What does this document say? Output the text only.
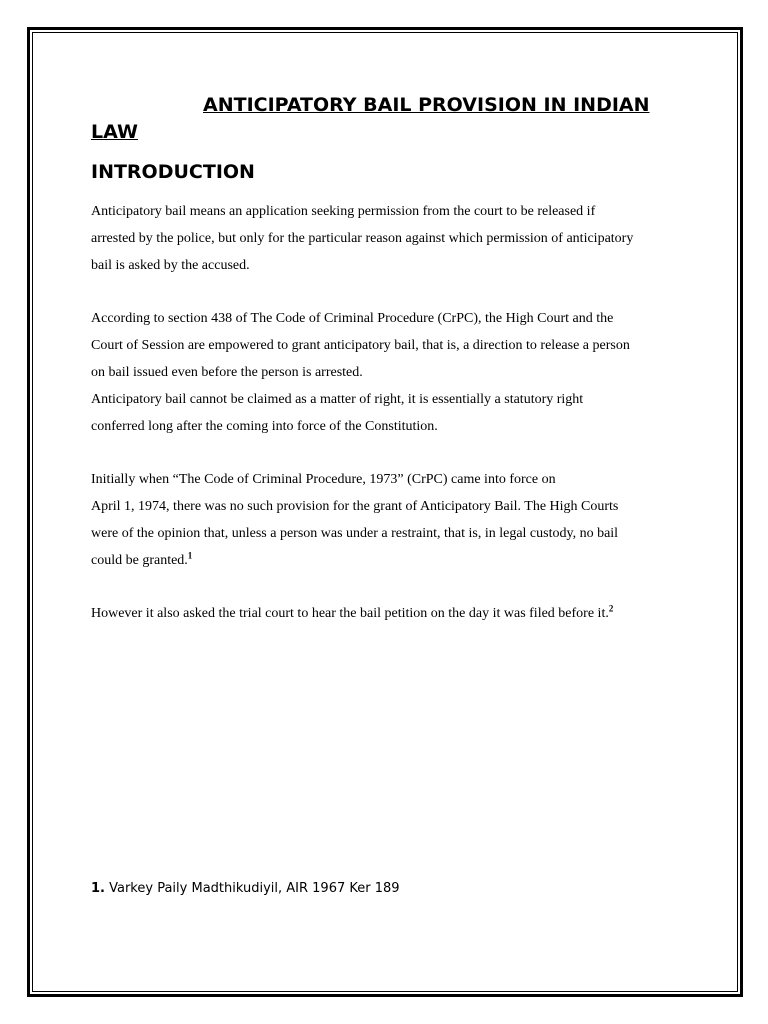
ANTICIPATORY BAIL PROVISION IN INDIAN LAW
INTRODUCTION

Anticipatory bail means an application seeking permission from the court to be released if
arrested by the police, but only for the particular reason against which permission of anticipatory
bail is asked by the accused.

According to section 438 of The Code of Criminal Procedure (CrPC), the High Court and the
Court of Session are empowered to grant anticipatory bail, that is, a direction to release a person
on bail issued even before the person is arrested.
Anticipatory bail cannot be claimed as a matter of right, it is essentially a statutory right
conferred long after the coming into force of the Constitution.

Initially when “The Code of Criminal Procedure, 1973” (CrPC) came into force on
April 1, 1974, there was no such provision for the grant of Anticipatory Bail. The High Courts
were of the opinion that, unless a person was under a restraint, that is, in legal custody, no bail
could be granted.$^1$

However it also asked the trial court to hear the bail petition on the day it was filed before it.$^2$

1. Varkey Paily Madthikudiyil, AIR 1967 Ker 189
